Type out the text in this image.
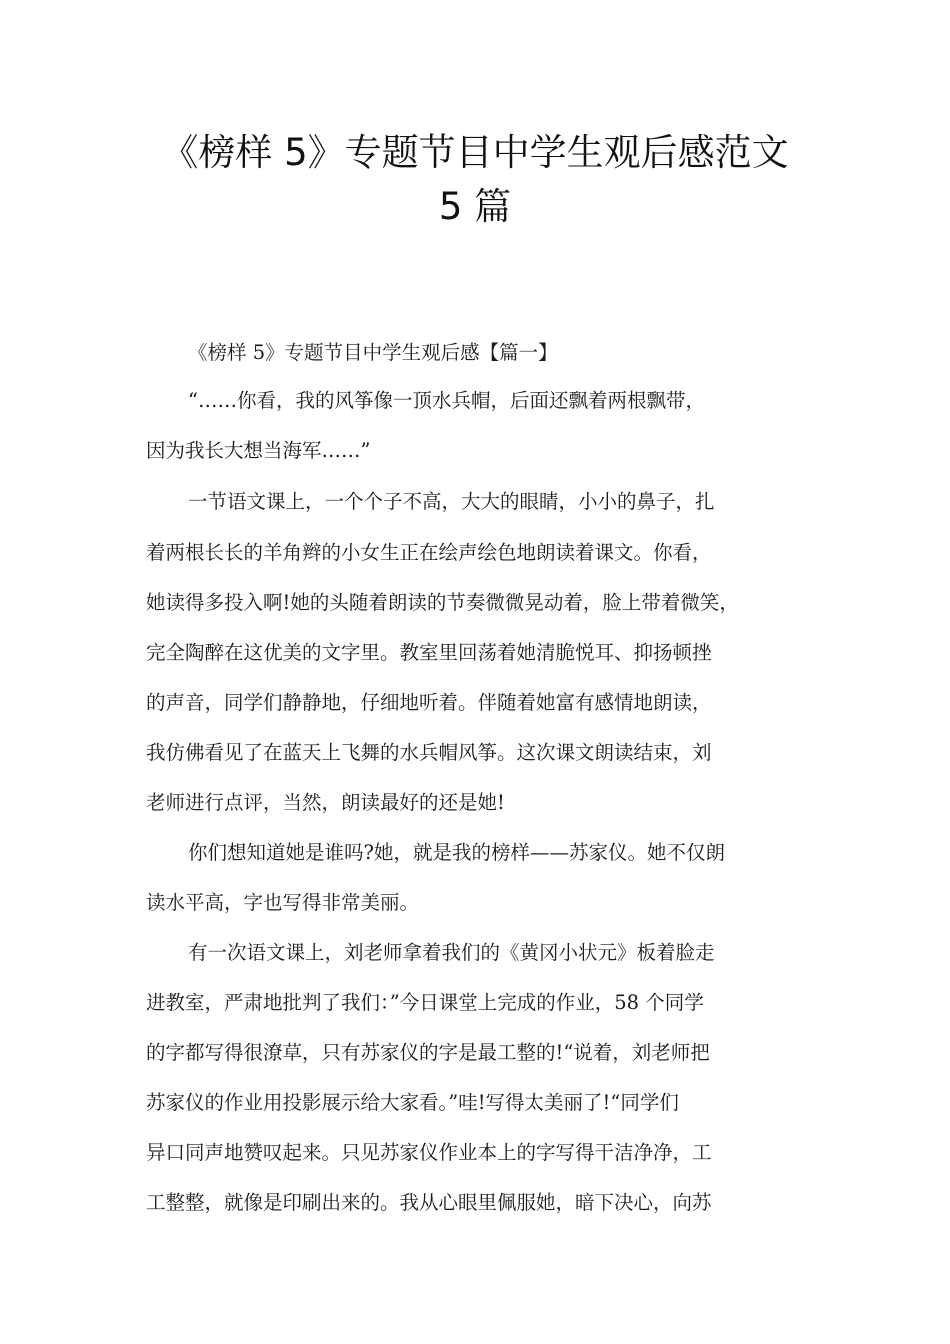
《榜样 5》专题节目中学生观后感范文
5 篇
《榜样 5》专题节目中学生观后感【篇一】
“……你看，我的风筝像一顶水兵帽，后面还飘着两根飘带，
因为我长大想当海军……”
一节语文课上，一个个子不高，大大的眼睛，小小的鼻子，扎
着两根长长的羊角辫的小女生正在绘声绘色地朗读着课文。你看，
她读得多投入啊!她的头随着朗读的节奏微微晃动着，脸上带着微笑，
完全陶醉在这优美的文字里。教室里回荡着她清脆悦耳、抑扬顿挫
的声音，同学们静静地，仔细地听着。伴随着她富有感情地朗读，
我仿佛看见了在蓝天上飞舞的水兵帽风筝。这次课文朗读结束，刘
老师进行点评，当然，朗读最好的还是她!
你们想知道她是谁吗?她，就是我的榜样——苏家仪。她不仅朗
读水平高，字也写得非常美丽。
有一次语文课上，刘老师拿着我们的《黄冈小状元》板着脸走
进教室，严肃地批判了我们：”今日课堂上完成的作业，58 个同学
的字都写得很潦草，只有苏家仪的字是最工整的!“说着，刘老师把
苏家仪的作业用投影展示给大家看。”哇!写得太美丽了!“同学们
异口同声地赞叹起来。只见苏家仪作业本上的字写得干洁净净，工
工整整，就像是印刷出来的。我从心眼里佩服她，暗下决心，向苏
